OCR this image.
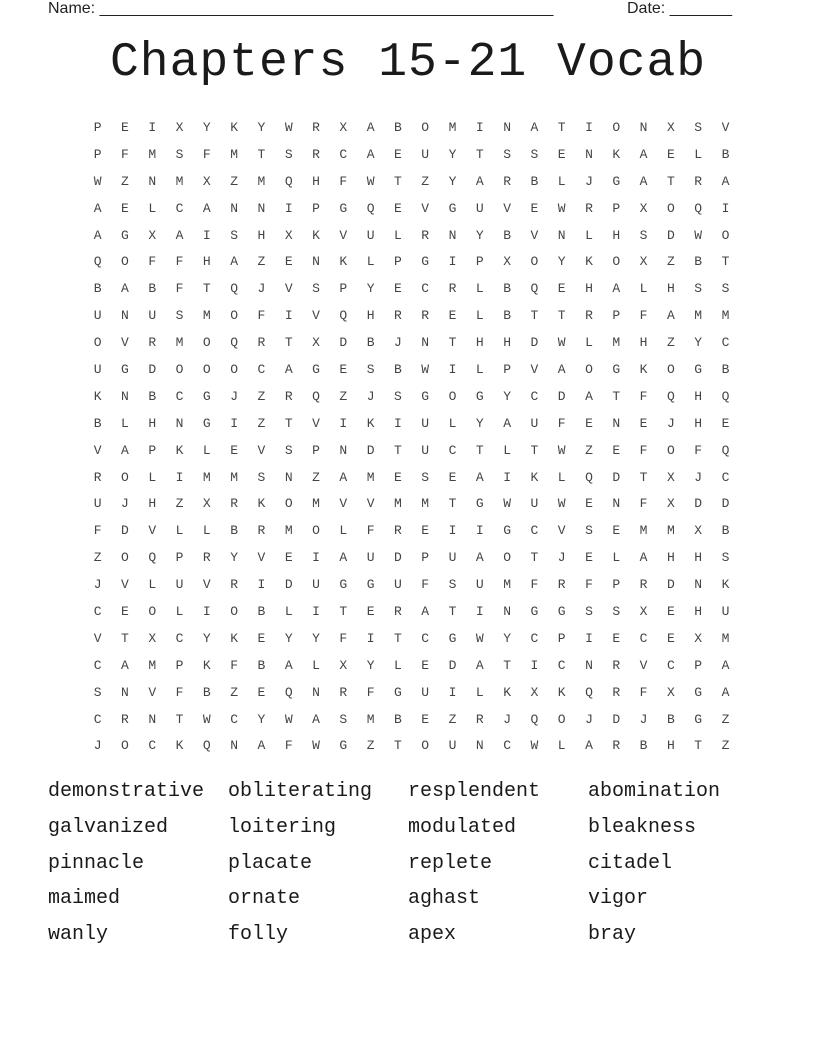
Name: ___________________________________________________	Date: _______
Chapters 15-21 Vocab
P	E	I	X	Y	K	Y	W	R	X	A	B	O	M	I	N	A	T	I	O	N	X	S	V
P	F	M	S	F	M	T	S	R	C	A	E	U	Y	T	S	S	E	N	K	A	E	L	B
W	Z	N	M	X	Z	M	Q	H	F	W	T	Z	Y	A	R	B	L	J	G	A	T	R	A
A	E	L	C	A	N	N	I	P	G	Q	E	V	G	U	V	E	W	R	P	X	O	Q	I
A	G	X	A	I	S	H	X	K	V	U	L	R	N	Y	B	V	N	L	H	S	D	W	O
Q	O	F	F	H	A	Z	E	N	K	L	P	G	I	P	X	O	Y	K	O	X	Z	B	T
B	A	B	F	T	Q	J	V	S	P	Y	E	C	R	L	B	Q	E	H	A	L	H	S	S
U	N	U	S	M	O	F	I	V	Q	H	R	R	E	L	B	T	T	R	P	F	A	M	M
O	V	R	M	O	Q	R	T	X	D	B	J	N	T	H	H	D	W	L	M	H	Z	Y	C
U	G	D	O	O	O	C	A	G	E	S	B	W	I	L	P	V	A	O	G	K	O	G	B
K	N	B	C	G	J	Z	R	Q	Z	J	S	G	O	G	Y	C	D	A	T	F	Q	H	Q
B	L	H	N	G	I	Z	T	V	I	K	I	U	L	Y	A	U	F	E	N	E	J	H	E
V	A	P	K	L	E	V	S	P	N	D	T	U	C	T	L	T	W	Z	E	F	O	F	Q
R	O	L	I	M	M	S	N	Z	A	M	E	S	E	A	I	K	L	Q	D	T	X	J	C
U	J	H	Z	X	R	K	O	M	V	V	M	M	T	G	W	U	W	E	N	F	X	D	D
F	D	V	L	L	B	R	M	O	L	F	R	E	I	I	G	C	V	S	E	M	M	X	B
Z	O	Q	P	R	Y	V	E	I	A	U	D	P	U	A	O	T	J	E	L	A	H	H	S
J	V	L	U	V	R	I	D	U	G	G	U	F	S	U	M	F	R	F	P	R	D	N	K
C	E	O	L	I	O	B	L	I	T	E	R	A	T	I	N	G	G	S	S	X	E	H	U
V	T	X	C	Y	K	E	Y	Y	F	I	T	C	G	W	Y	C	P	I	E	C	E	X	M
C	A	M	P	K	F	B	A	L	X	Y	L	E	D	A	T	I	C	N	R	V	C	P	A
S	N	V	F	B	Z	E	Q	N	R	F	G	U	I	L	K	X	K	Q	R	F	X	G	A
C	R	N	T	W	C	Y	W	A	S	M	B	E	Z	R	J	Q	O	J	D	J	B	G	Z
J	O	C	K	Q	N	A	F	W	G	Z	T	O	U	N	C	W	L	A	R	B	H	T	Z
demonstrative	obliterating	resplendent	abomination
galvanized	loitering	modulated	bleakness
pinnacle	placate	replete	citadel
maimed	ornate	aghast	vigor
wanly	folly	apex	bray
